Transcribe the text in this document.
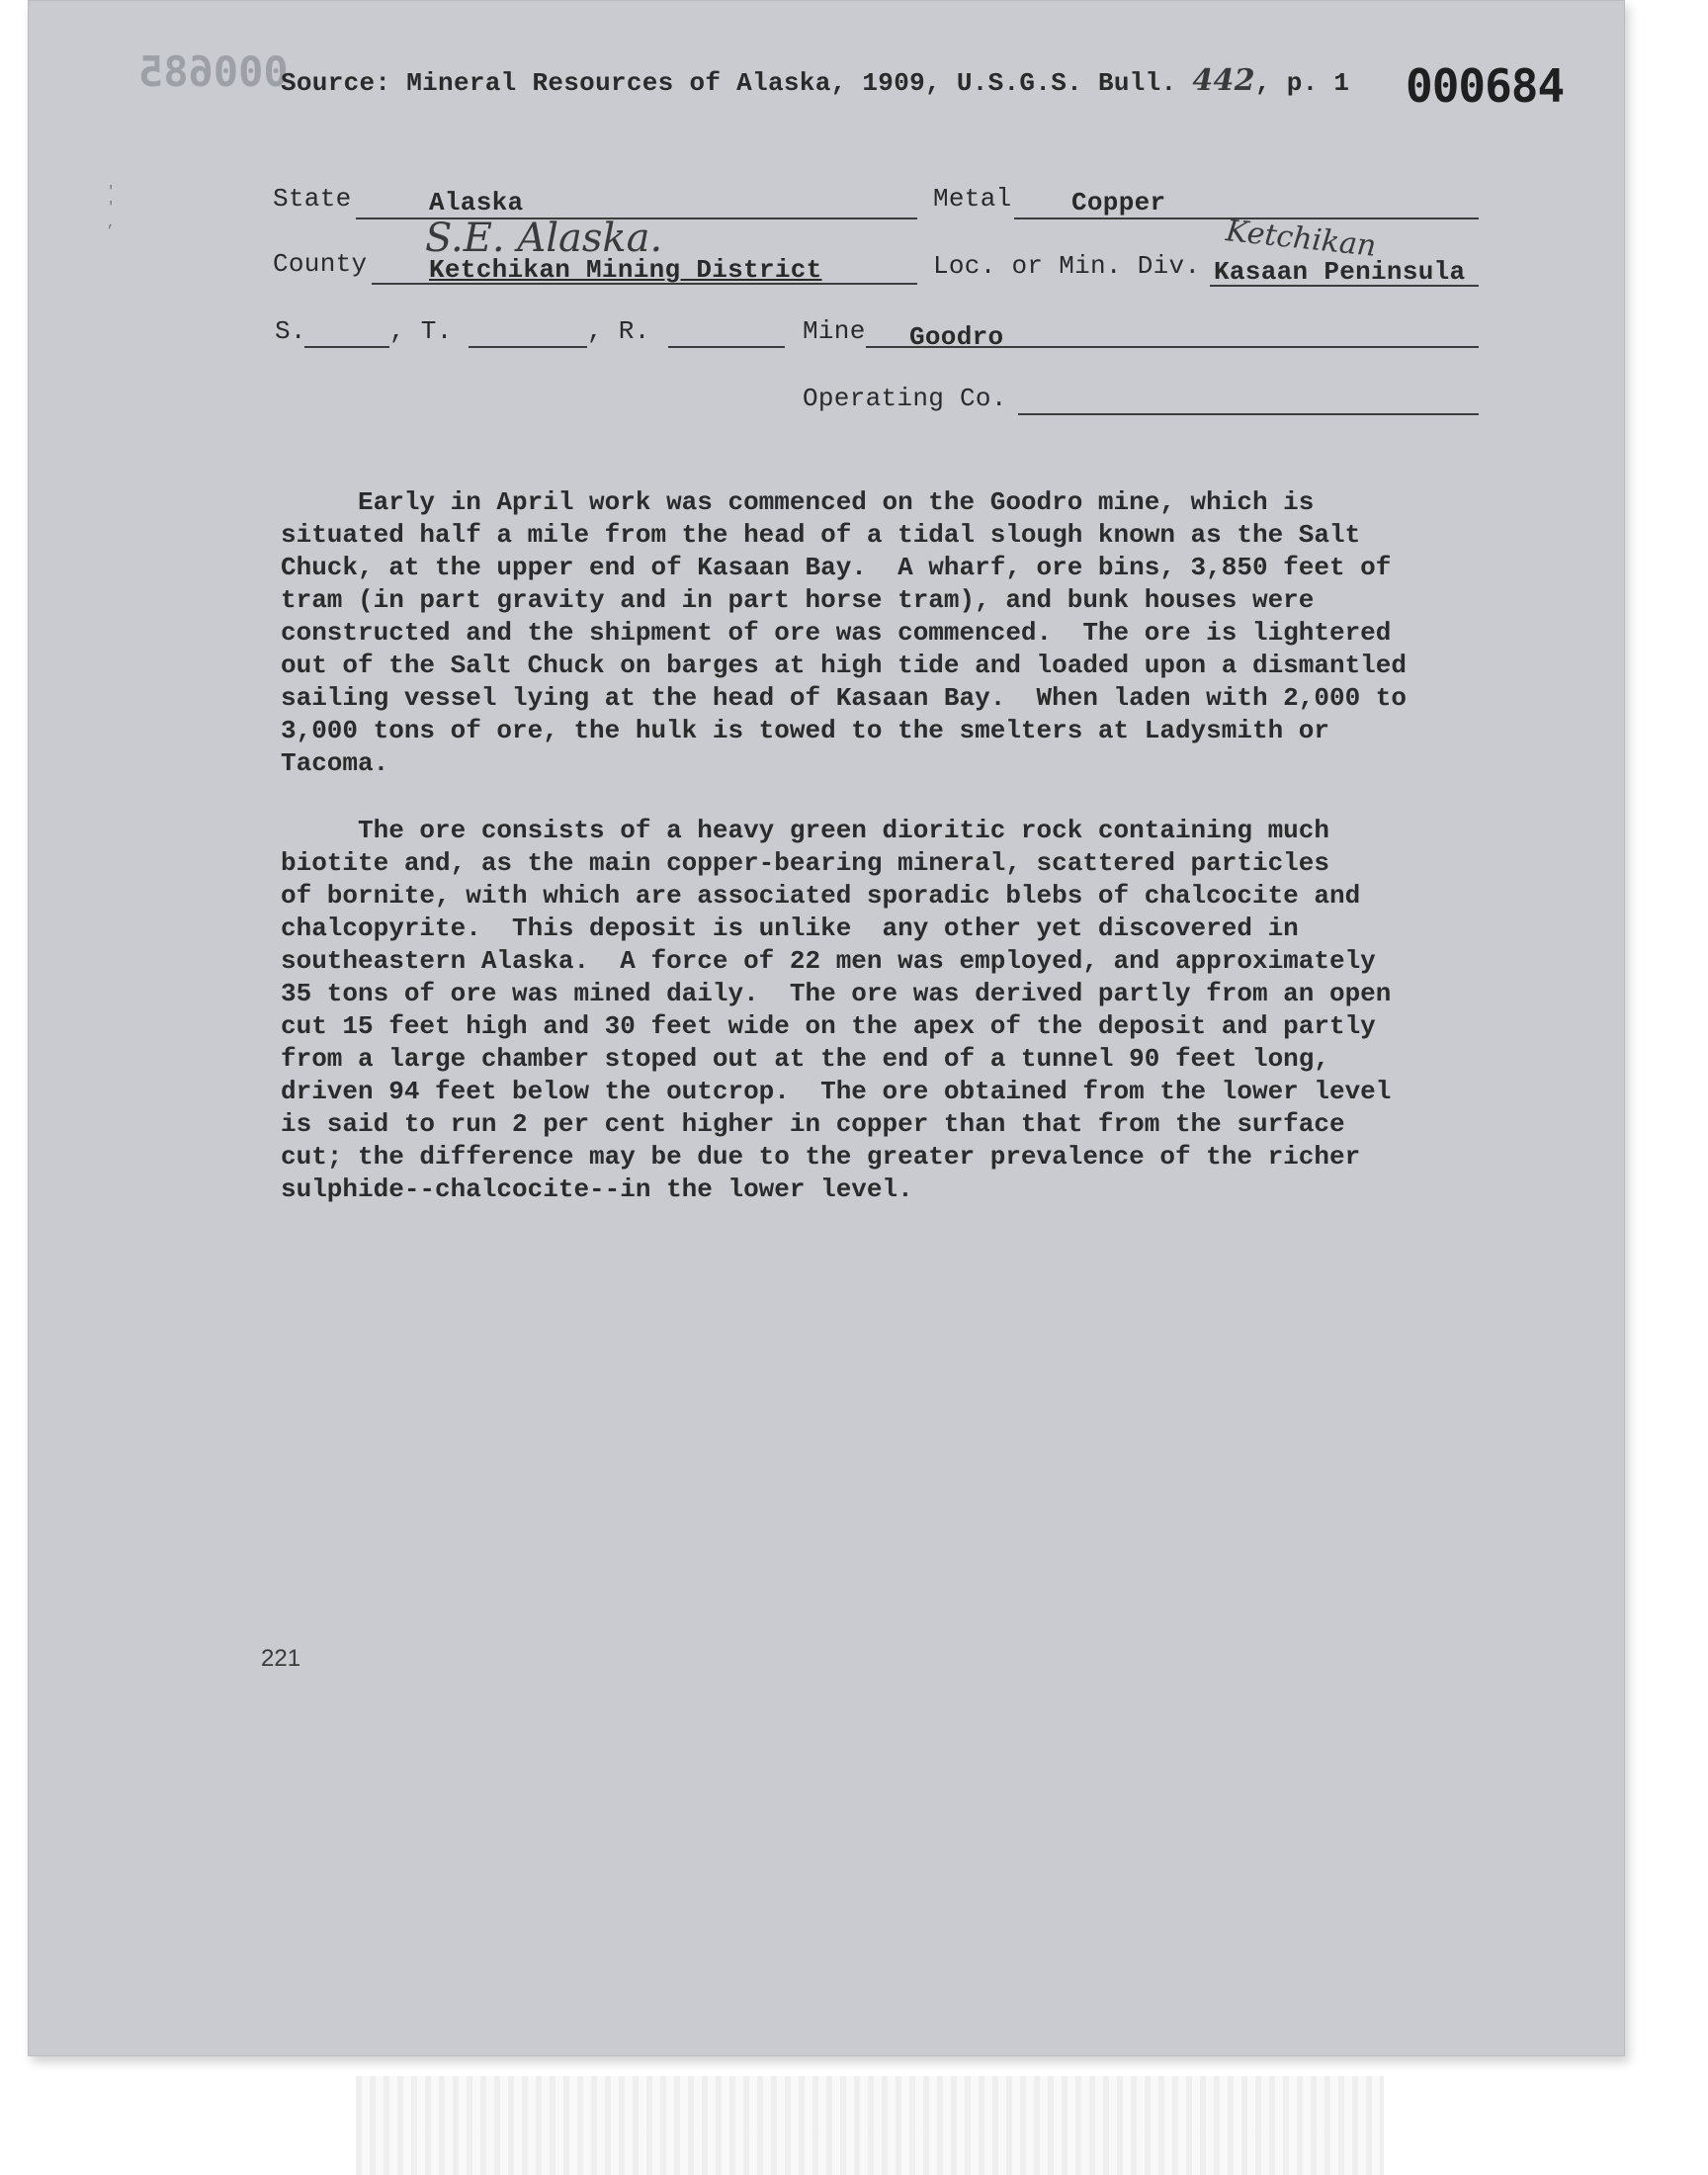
000685	000684
'
'
,
Source: Mineral Resources of Alaska, 1909, U.S.G.S. Bull. 442, p. 1
State	Alaska	Metal Copper
S.E. Alaska.
County Ketchikan Mining District
Ketchikan
Loc. or Min. Div. Kasaan Peninsula
S.	, T.	, R.	Mine Goodro
Operating Co.
Early in April work was commenced on the Goodro mine, which is
situated half a mile from the head of a tidal slough known as the Salt
Chuck, at the upper end of Kasaan Bay.  A wharf, ore bins, 3,850 feet of
tram (in part gravity and in part horse tram), and bunk houses were
constructed and the shipment of ore was commenced.  The ore is lightered
out of the Salt Chuck on barges at high tide and loaded upon a dismantled
sailing vessel lying at the head of Kasaan Bay.  When laden with 2,000 to
3,000 tons of ore, the hulk is towed to the smelters at Ladysmith or
Tacoma.
The ore consists of a heavy green dioritic rock containing much
biotite and, as the main copper-bearing mineral, scattered particles
of bornite, with which are associated sporadic blebs of chalcocite and
chalcopyrite.  This deposit is unlike  any other yet discovered in
southeastern Alaska.  A force of 22 men was employed, and approximately
35 tons of ore was mined daily.  The ore was derived partly from an open
cut 15 feet high and 30 feet wide on the apex of the deposit and partly
from a large chamber stoped out at the end of a tunnel 90 feet long,
driven 94 feet below the outcrop.  The ore obtained from the lower level
is said to run 2 per cent higher in copper than that from the surface
cut; the difference may be due to the greater prevalence of the richer
sulphide--chalcocite--in the lower level.
221
